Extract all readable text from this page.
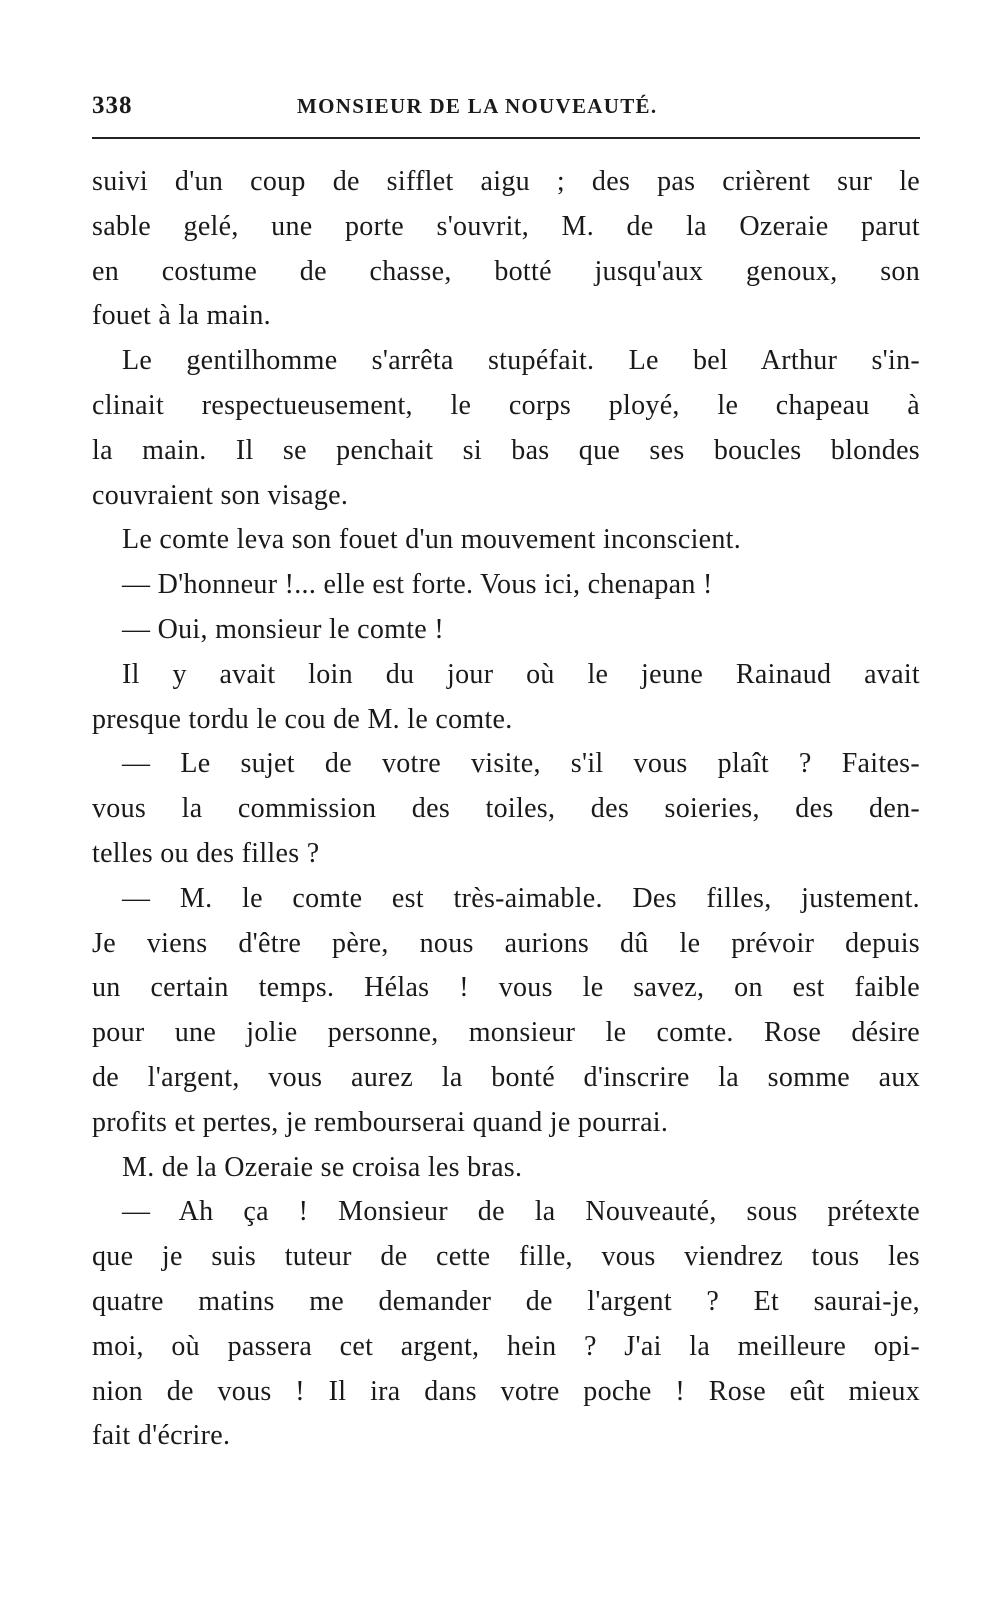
338	MONSIEUR DE LA NOUVEAUTÉ.
suivi d'un coup de sifflet aigu ; des pas crièrent sur le
sable gelé, une porte s'ouvrit, M. de la Ozeraie parut
en costume de chasse, botté jusqu'aux genoux, son
fouet à la main.
Le gentilhomme s'arrêta stupéfait. Le bel Arthur s'in-
clinait respectueusement, le corps ployé, le chapeau à
la main. Il se penchait si bas que ses boucles blondes
couvraient son visage.
Le comte leva son fouet d'un mouvement inconscient.
— D'honneur !... elle est forte. Vous ici, chenapan !
— Oui, monsieur le comte !
Il y avait loin du jour où le jeune Rainaud avait
presque tordu le cou de M. le comte.
— Le sujet de votre visite, s'il vous plaît ? Faites-
vous la commission des toiles, des soieries, des den-
telles ou des filles ?
— M. le comte est très-aimable. Des filles, justement.
Je viens d'être père, nous aurions dû le prévoir depuis
un certain temps. Hélas ! vous le savez, on est faible
pour une jolie personne, monsieur le comte. Rose désire
de l'argent, vous aurez la bonté d'inscrire la somme aux
profits et pertes, je rembourserai quand je pourrai.
M. de la Ozeraie se croisa les bras.
— Ah ça ! Monsieur de la Nouveauté, sous prétexte
que je suis tuteur de cette fille, vous viendrez tous les
quatre matins me demander de l'argent ? Et saurai-je,
moi, où passera cet argent, hein ? J'ai la meilleure opi-
nion de vous ! Il ira dans votre poche ! Rose eût mieux
fait d'écrire.
